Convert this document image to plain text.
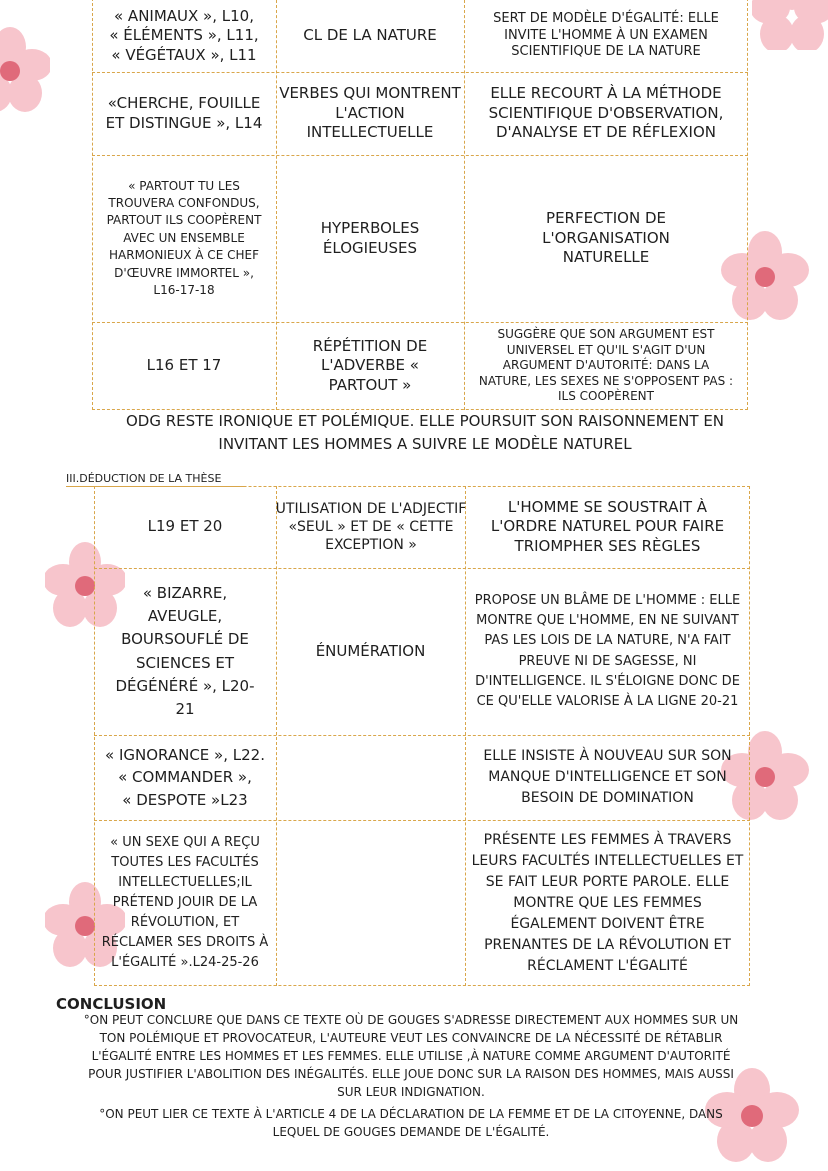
« ANIMAUX », L10,
« ÉLÉMENTS », L11,
« VÉGÉTAUX », L11
CL DE LA NATURE
SERT DE MODÈLE D'ÉGALITÉ: ELLE INVITE L'HOMME À UN EXAMEN SCIENTIFIQUE DE LA NATURE
«CHERCHE, FOUILLE ET DISTINGUE », L14
VERBES QUI MONTRENT L'ACTION INTELLECTUELLE
ELLE RECOURT À LA MÉTHODE SCIENTIFIQUE D'OBSERVATION, D'ANALYSE ET DE RÉFLEXION
« PARTOUT TU LES TROUVERA CONFONDUS, PARTOUT ILS COOPÈRENT AVEC UN ENSEMBLE HARMONIEUX À CE CHEF D'ŒUVRE IMMORTEL »,
L16-17-18
HYPERBOLES ÉLOGIEUSES
PERFECTION DE L'ORGANISATION NATURELLE
L16 ET 17
RÉPÉTITION DE L'ADVERBE « PARTOUT »
SUGGÈRE QUE SON ARGUMENT EST UNIVERSEL ET QU'IL S'AGIT D'UN ARGUMENT D'AUTORITÉ: DANS LA NATURE, LES SEXES NE S'OPPOSENT PAS : ILS COOPÈRENT
ODG RESTE IRONIQUE ET POLÉMIQUE. ELLE POURSUIT SON RAISONNEMENT EN INVITANT LES HOMMES A SUIVRE LE MODÈLE NATUREL
III.DÉDUCTION DE LA THÈSE
L19 ET 20
UTILISATION DE L'ADJECTIF «SEUL » ET DE « CETTE EXCEPTION »
L'HOMME SE SOUSTRAIT À L'ORDRE NATUREL POUR FAIRE TRIOMPHER SES RÈGLES
« BIZARRE, AVEUGLE, BOURSOUFLÉ DE SCIENCES ET DÉGÉNÉRÉ », L20-21
ÉNUMÉRATION
PROPOSE UN BLÂME DE L'HOMME : ELLE MONTRE QUE L'HOMME, EN NE SUIVANT PAS LES LOIS DE LA NATURE, N'A FAIT PREUVE NI DE SAGESSE, NI D'INTELLIGENCE. IL S'ÉLOIGNE DONC DE CE QU'ELLE VALORISE À LA LIGNE 20-21
« IGNORANCE », L22.
« COMMANDER »,
« DESPOTE »L23
ELLE INSISTE À NOUVEAU SUR SON MANQUE D'INTELLIGENCE ET SON BESOIN DE DOMINATION
« UN SEXE QUI A REÇU TOUTES LES FACULTÉS INTELLECTUELLES;IL PRÉTEND JOUIR DE LA RÉVOLUTION, ET RÉCLAMER SES DROITS À L'ÉGALITÉ ».L24-25-26
PRÉSENTE LES FEMMES À TRAVERS LEURS FACULTÉS INTELLECTUELLES ET SE FAIT LEUR PORTE PAROLE. ELLE MONTRE QUE LES FEMMES ÉGALEMENT DOIVENT ÊTRE PRENANTES DE LA RÉVOLUTION ET RÉCLAMENT L'ÉGALITÉ
CONCLUSION
°ON PEUT CONCLURE QUE DANS CE TEXTE OÙ DE GOUGES S'ADRESSE DIRECTEMENT AUX HOMMES SUR UN TON POLÉMIQUE ET PROVOCATEUR, L'AUTEURE VEUT LES CONVAINCRE DE LA NÉCESSITÉ DE RÉTABLIR L'ÉGALITÉ ENTRE LES HOMMES ET LES FEMMES. ELLE UTILISE ,À NATURE COMME ARGUMENT D'AUTORITÉ POUR JUSTIFIER L'ABOLITION DES INÉGALITÉS. ELLE JOUE DONC SUR LA RAISON DES HOMMES, MAIS AUSSI SUR LEUR INDIGNATION.
°ON PEUT LIER CE TEXTE À L'ARTICLE 4 DE LA DÉCLARATION DE LA FEMME ET DE LA CITOYENNE, DANS LEQUEL DE GOUGES DEMANDE DE L'ÉGALITÉ.
